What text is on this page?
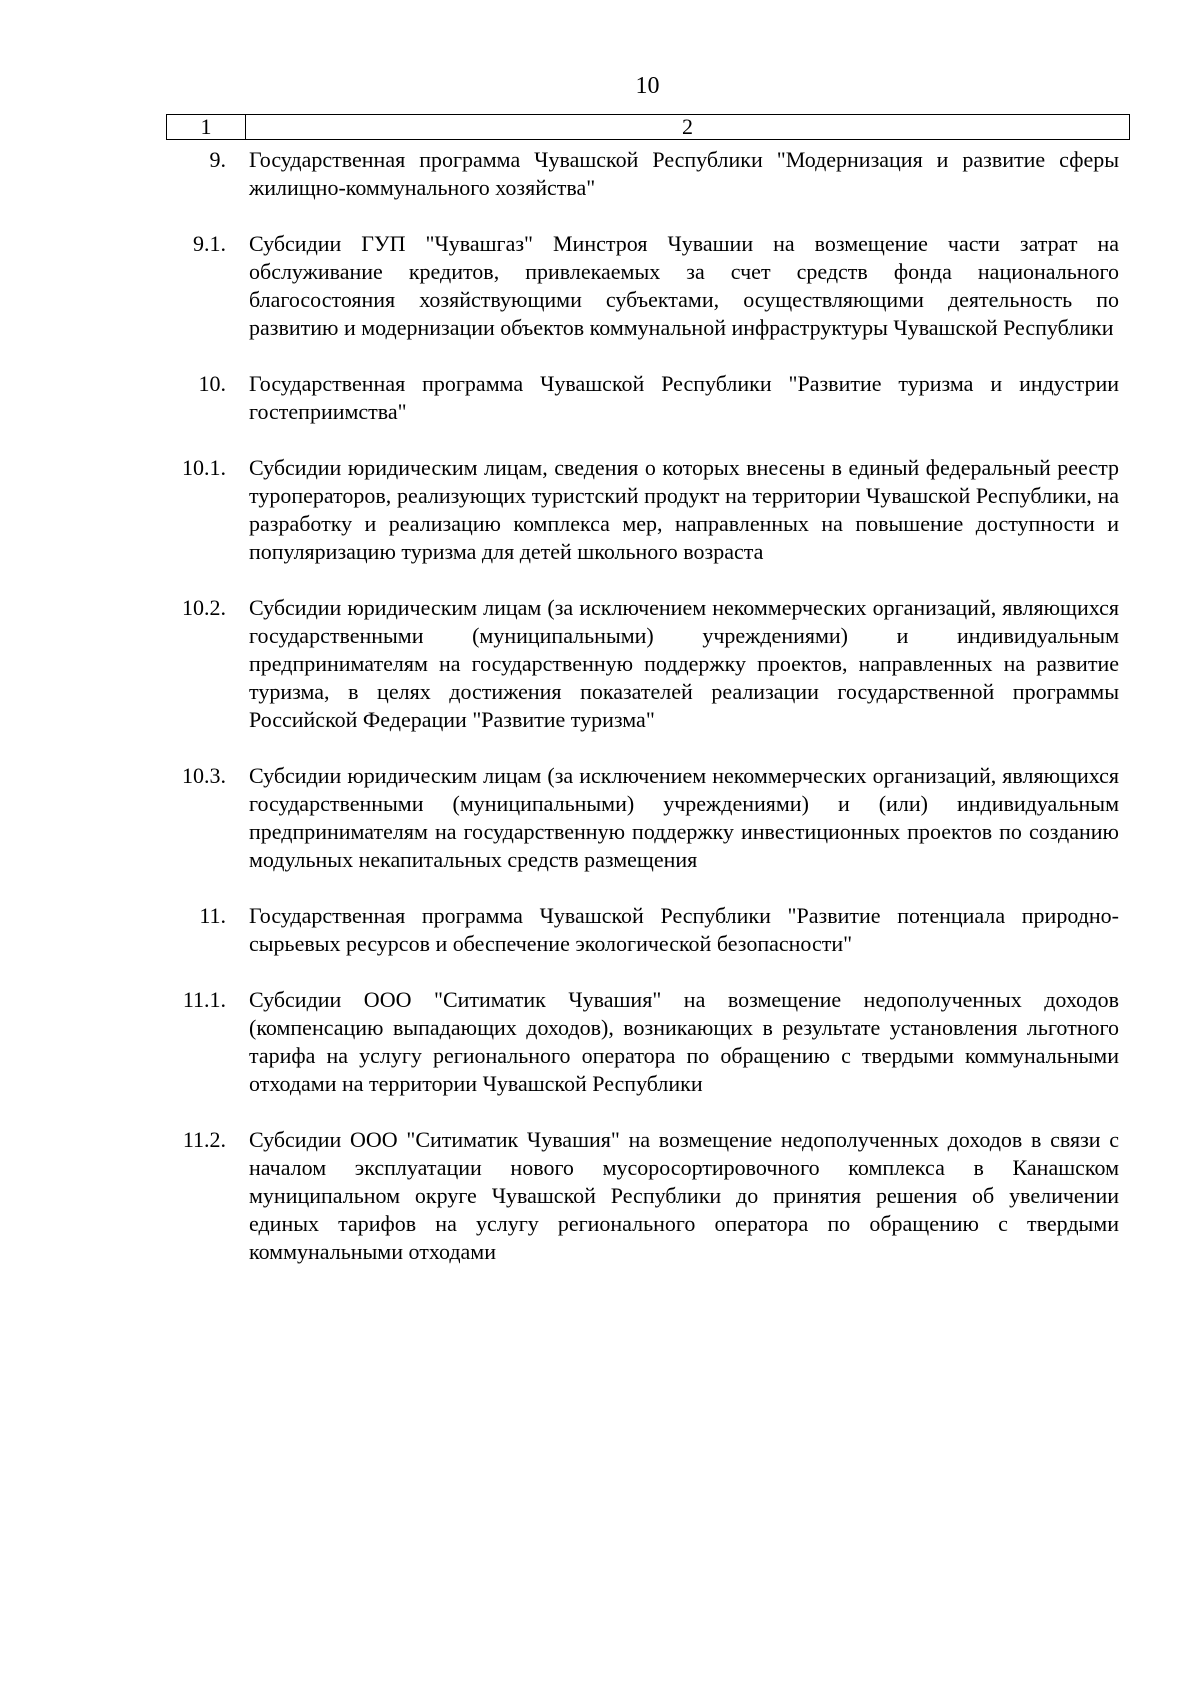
10
1	2
9. Государственная программа Чувашской Республики "Модернизация и развитие сферы жилищно-коммунального хозяйства"
9.1. Субсидии ГУП "Чувашгаз" Минстроя Чувашии на возмещение части затрат на обслуживание кредитов, привлекаемых за счет средств фонда национального благосостояния хозяйствующими субъектами, осуществляющими деятельность по развитию и модернизации объектов коммунальной инфраструктуры Чувашской Республики
10. Государственная программа Чувашской Республики "Развитие туризма и индустрии гостеприимства"
10.1. Субсидии юридическим лицам, сведения о которых внесены в единый федеральный реестр туроператоров, реализующих туристский продукт на территории Чувашской Республики, на разработку и реализацию комплекса мер, направленных на повышение доступности и популяризацию туризма для детей школьного возраста
10.2. Субсидии юридическим лицам (за исключением некоммерческих организаций, являющихся государственными (муниципальными) учреждениями) и индивидуальным предпринимателям на государственную поддержку проектов, направленных на развитие туризма, в целях достижения показателей реализации государственной программы Российской Федерации "Развитие туризма"
10.3. Субсидии юридическим лицам (за исключением некоммерческих организаций, являющихся государственными (муниципальными) учреждениями) и (или) индивидуальным предпринимателям на государственную поддержку инвестиционных проектов по созданию модульных некапитальных средств размещения
11. Государственная программа Чувашской Республики "Развитие потенциала природно-сырьевых ресурсов и обеспечение экологической безопасности"
11.1. Субсидии ООО "Ситиматик Чувашия" на возмещение недополученных доходов (компенсацию выпадающих доходов), возникающих в результате установления льготного тарифа на услугу регионального оператора по обращению с твердыми коммунальными отходами на территории Чувашской Республики
11.2. Субсидии ООО "Ситиматик Чувашия" на возмещение недополученных доходов в связи с началом эксплуатации нового мусоросортировочного комплекса в Канашском муниципальном округе Чувашской Республики до принятия решения об увеличении единых тарифов на услугу регионального оператора по обращению с твердыми коммунальными отходами
